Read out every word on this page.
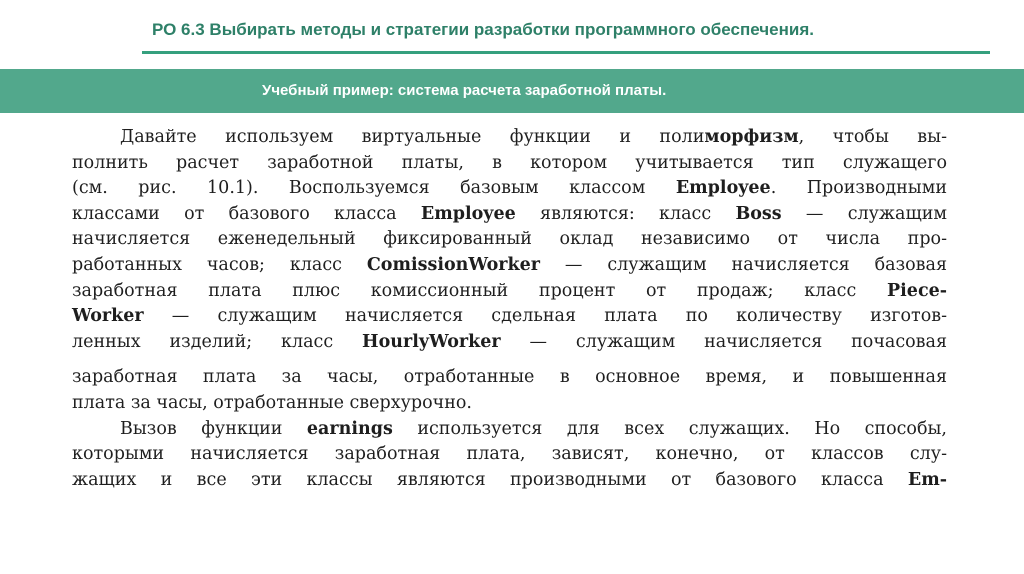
РО 6.3 Выбирать методы и стратегии разработки программного обеспечения.
Учебный пример: система расчета заработной платы.
Давайте используем виртуальные функции и полиморфизм, чтобы вы-
полнить расчет заработной платы, в котором учитывается тип служащего
(см. рис. 10.1). Воспользуемся базовым классом Employee. Производными
классами от базового класса Employee являются: класс Boss — служащим
начисляется еженедельный фиксированный оклад независимо от числа про-
работанных часов; класс ComissionWorker — служащим начисляется базовая
заработная плата плюс комиссионный процент от продаж; класс Piece-
Worker — служащим начисляется сдельная плата по количеству изготов-
ленных изделий; класс HourlyWorker — служащим начисляется почасовая
заработная плата за часы, отработанные в основное время, и повышенная
плата за часы, отработанные сверхурочно.
Вызов функции earnings используется для всех служащих. Но способы,
которыми начисляется заработная плата, зависят, конечно, от классов слу-
жащих и все эти классы являются производными от базового класса Em-
